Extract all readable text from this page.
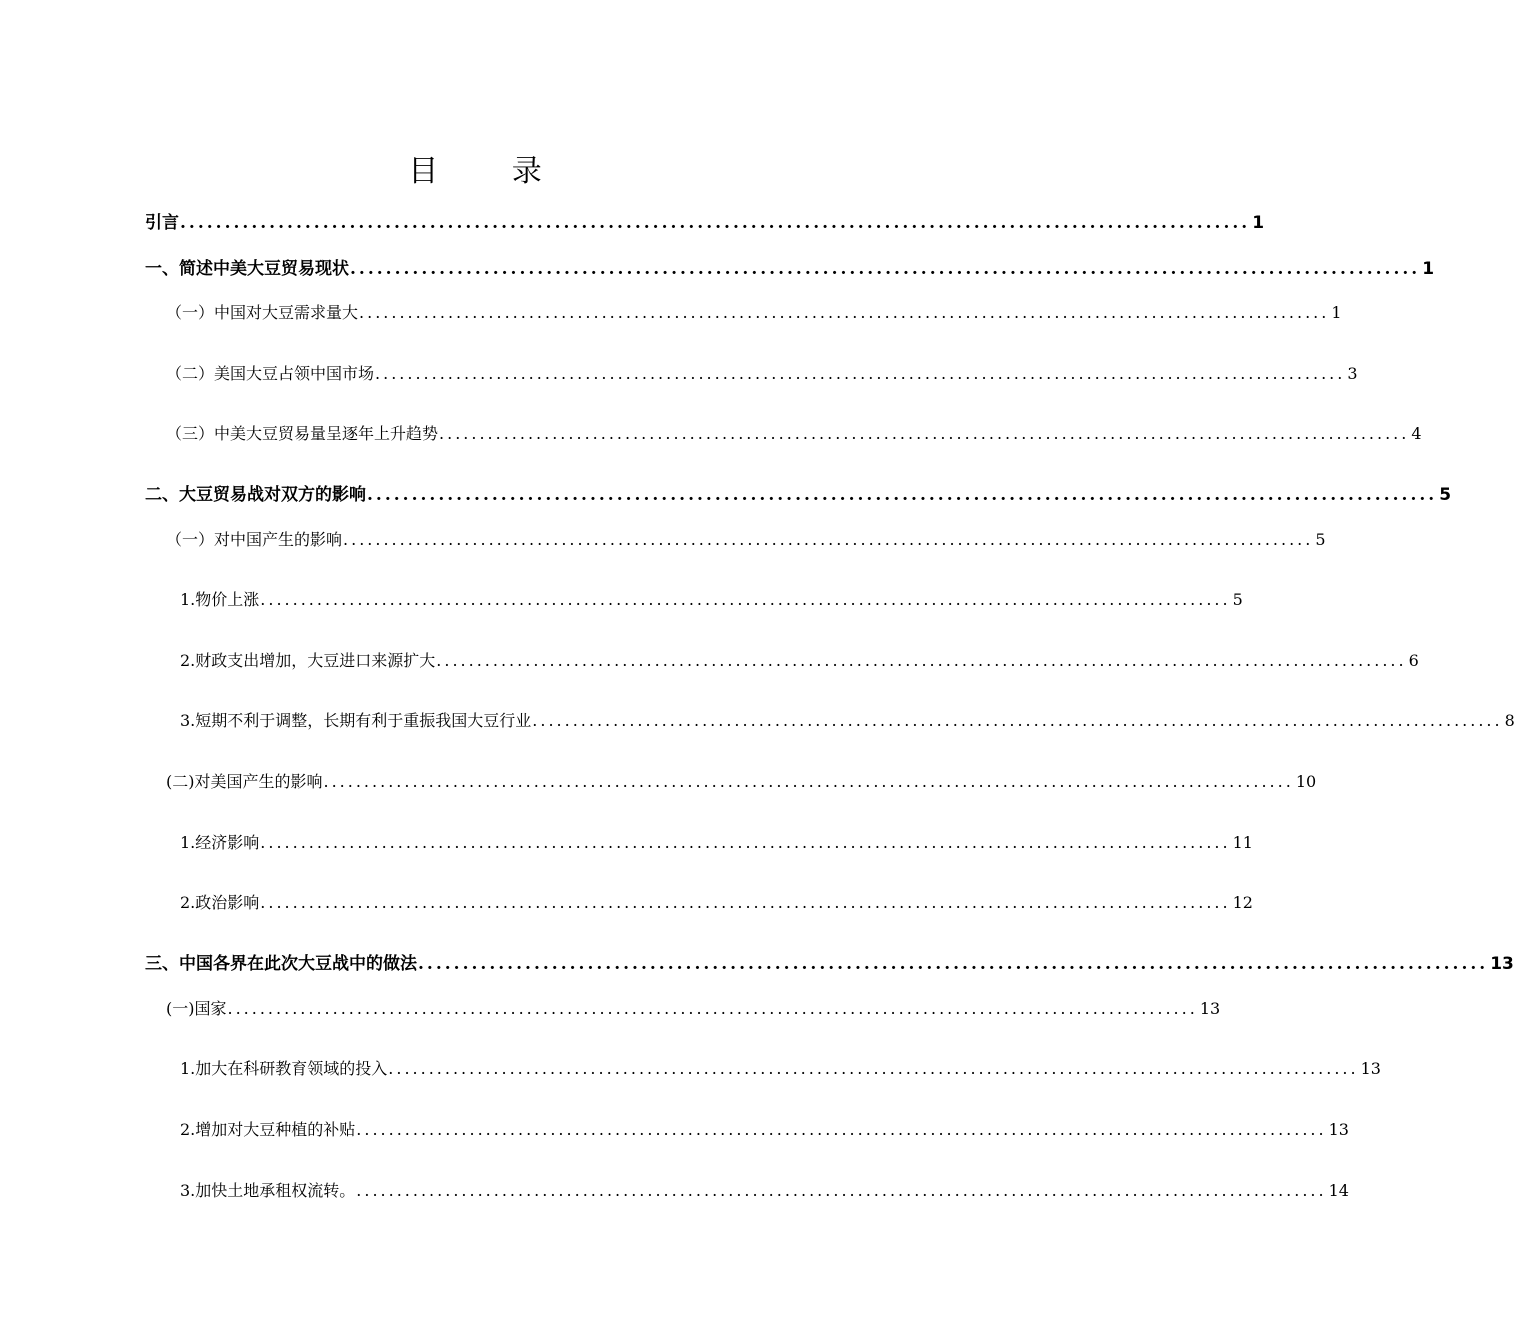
目 录
引言 ........................................................................................................................ 1
一、简述中美大豆贸易现状 ........................................................................................................................ 1
（一）中国对大豆需求量大 ........................................................................................................................ 1
（二）美国大豆占领中国市场 ........................................................................................................................ 3
（三）中美大豆贸易量呈逐年上升趋势 ........................................................................................................................ 4
二、大豆贸易战对双方的影响 ........................................................................................................................ 5
（一）对中国产生的影响 ........................................................................................................................ 5
1.物价上涨 ........................................................................................................................ 5
2.财政支出增加，大豆进口来源扩大 ........................................................................................................................ 6
3.短期不利于调整，长期有利于重振我国大豆行业 ........................................................................................................................ 8
(二)对美国产生的影响 ........................................................................................................................ 10
1.经济影响 ........................................................................................................................ 11
2.政治影响 ........................................................................................................................ 12
三、中国各界在此次大豆战中的做法 ........................................................................................................................ 13
(一)国家 ........................................................................................................................ 13
1.加大在科研教育领域的投入 ........................................................................................................................ 13
2.增加对大豆种植的补贴 ........................................................................................................................ 13
3.加快土地承租权流转。 ........................................................................................................................ 14
